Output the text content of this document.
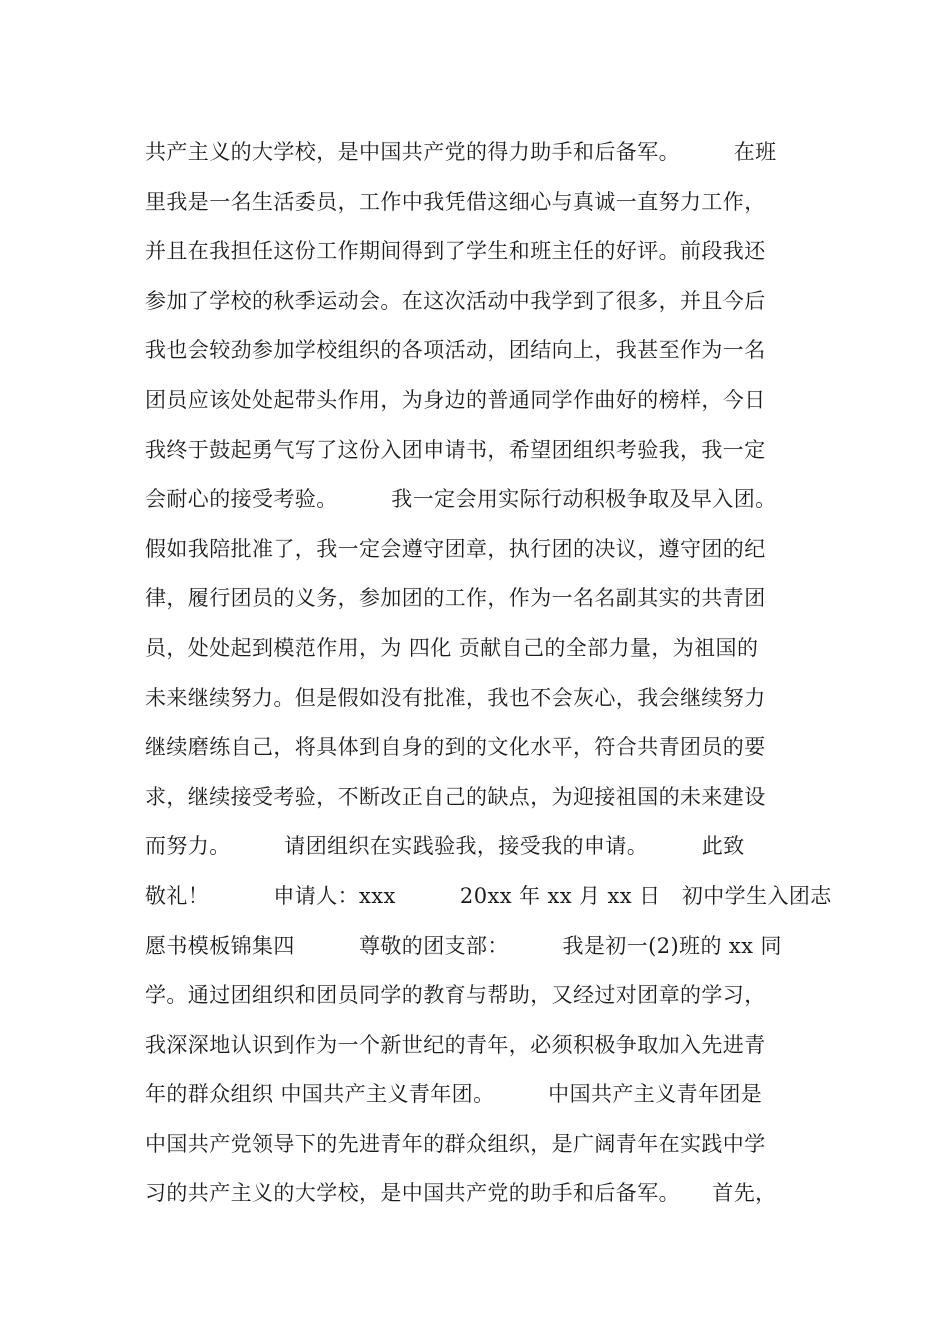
共产主义的大学校，是中国共产党的得力助手和后备军。　　　在班
里我是一名生活委员，工作中我凭借这细心与真诚一直努力工作，
并且在我担任这份工作期间得到了学生和班主任的好评。前段我还
参加了学校的秋季运动会。在这次活动中我学到了很多，并且今后
我也会较劲参加学校组织的各项活动，团结向上，我甚至作为一名
团员应该处处起带头作用，为身边的普通同学作曲好的榜样，今日
我终于鼓起勇气写了这份入团申请书，希望团组织考验我，我一定
会耐心的接受考验。　　　我一定会用实际行动积极争取及早入团。
假如我陪批准了，我一定会遵守团章，执行团的决议，遵守团的纪
律，履行团员的义务，参加团的工作，作为一名名副其实的共青团
员，处处起到模范作用，为 四化 贡献自己的全部力量，为祖国的
未来继续努力。但是假如没有批准，我也不会灰心，我会继续努力
继续磨练自己，将具体到自身的到的文化水平，符合共青团员的要
求，继续接受考验，不断改正自己的缺点，为迎接祖国的未来建设
而努力。　　　请团组织在实践验我，接受我的申请。　　　此致
敬礼！　　　申请人：xxx　　　20xx 年 xx 月 xx 日　初中学生入团志
愿书模板锦集四　　　尊敬的团支部：　　　我是初一(2)班的 xx 同
学。通过团组织和团员同学的教育与帮助，又经过对团章的学习，
我深深地认识到作为一个新世纪的青年，必须积极争取加入先进青
年的群众组织 中国共产主义青年团。　　　中国共产主义青年团是
中国共产党领导下的先进青年的群众组织，是广阔青年在实践中学
习的共产主义的大学校，是中国共产党的助手和后备军。　　首先，
